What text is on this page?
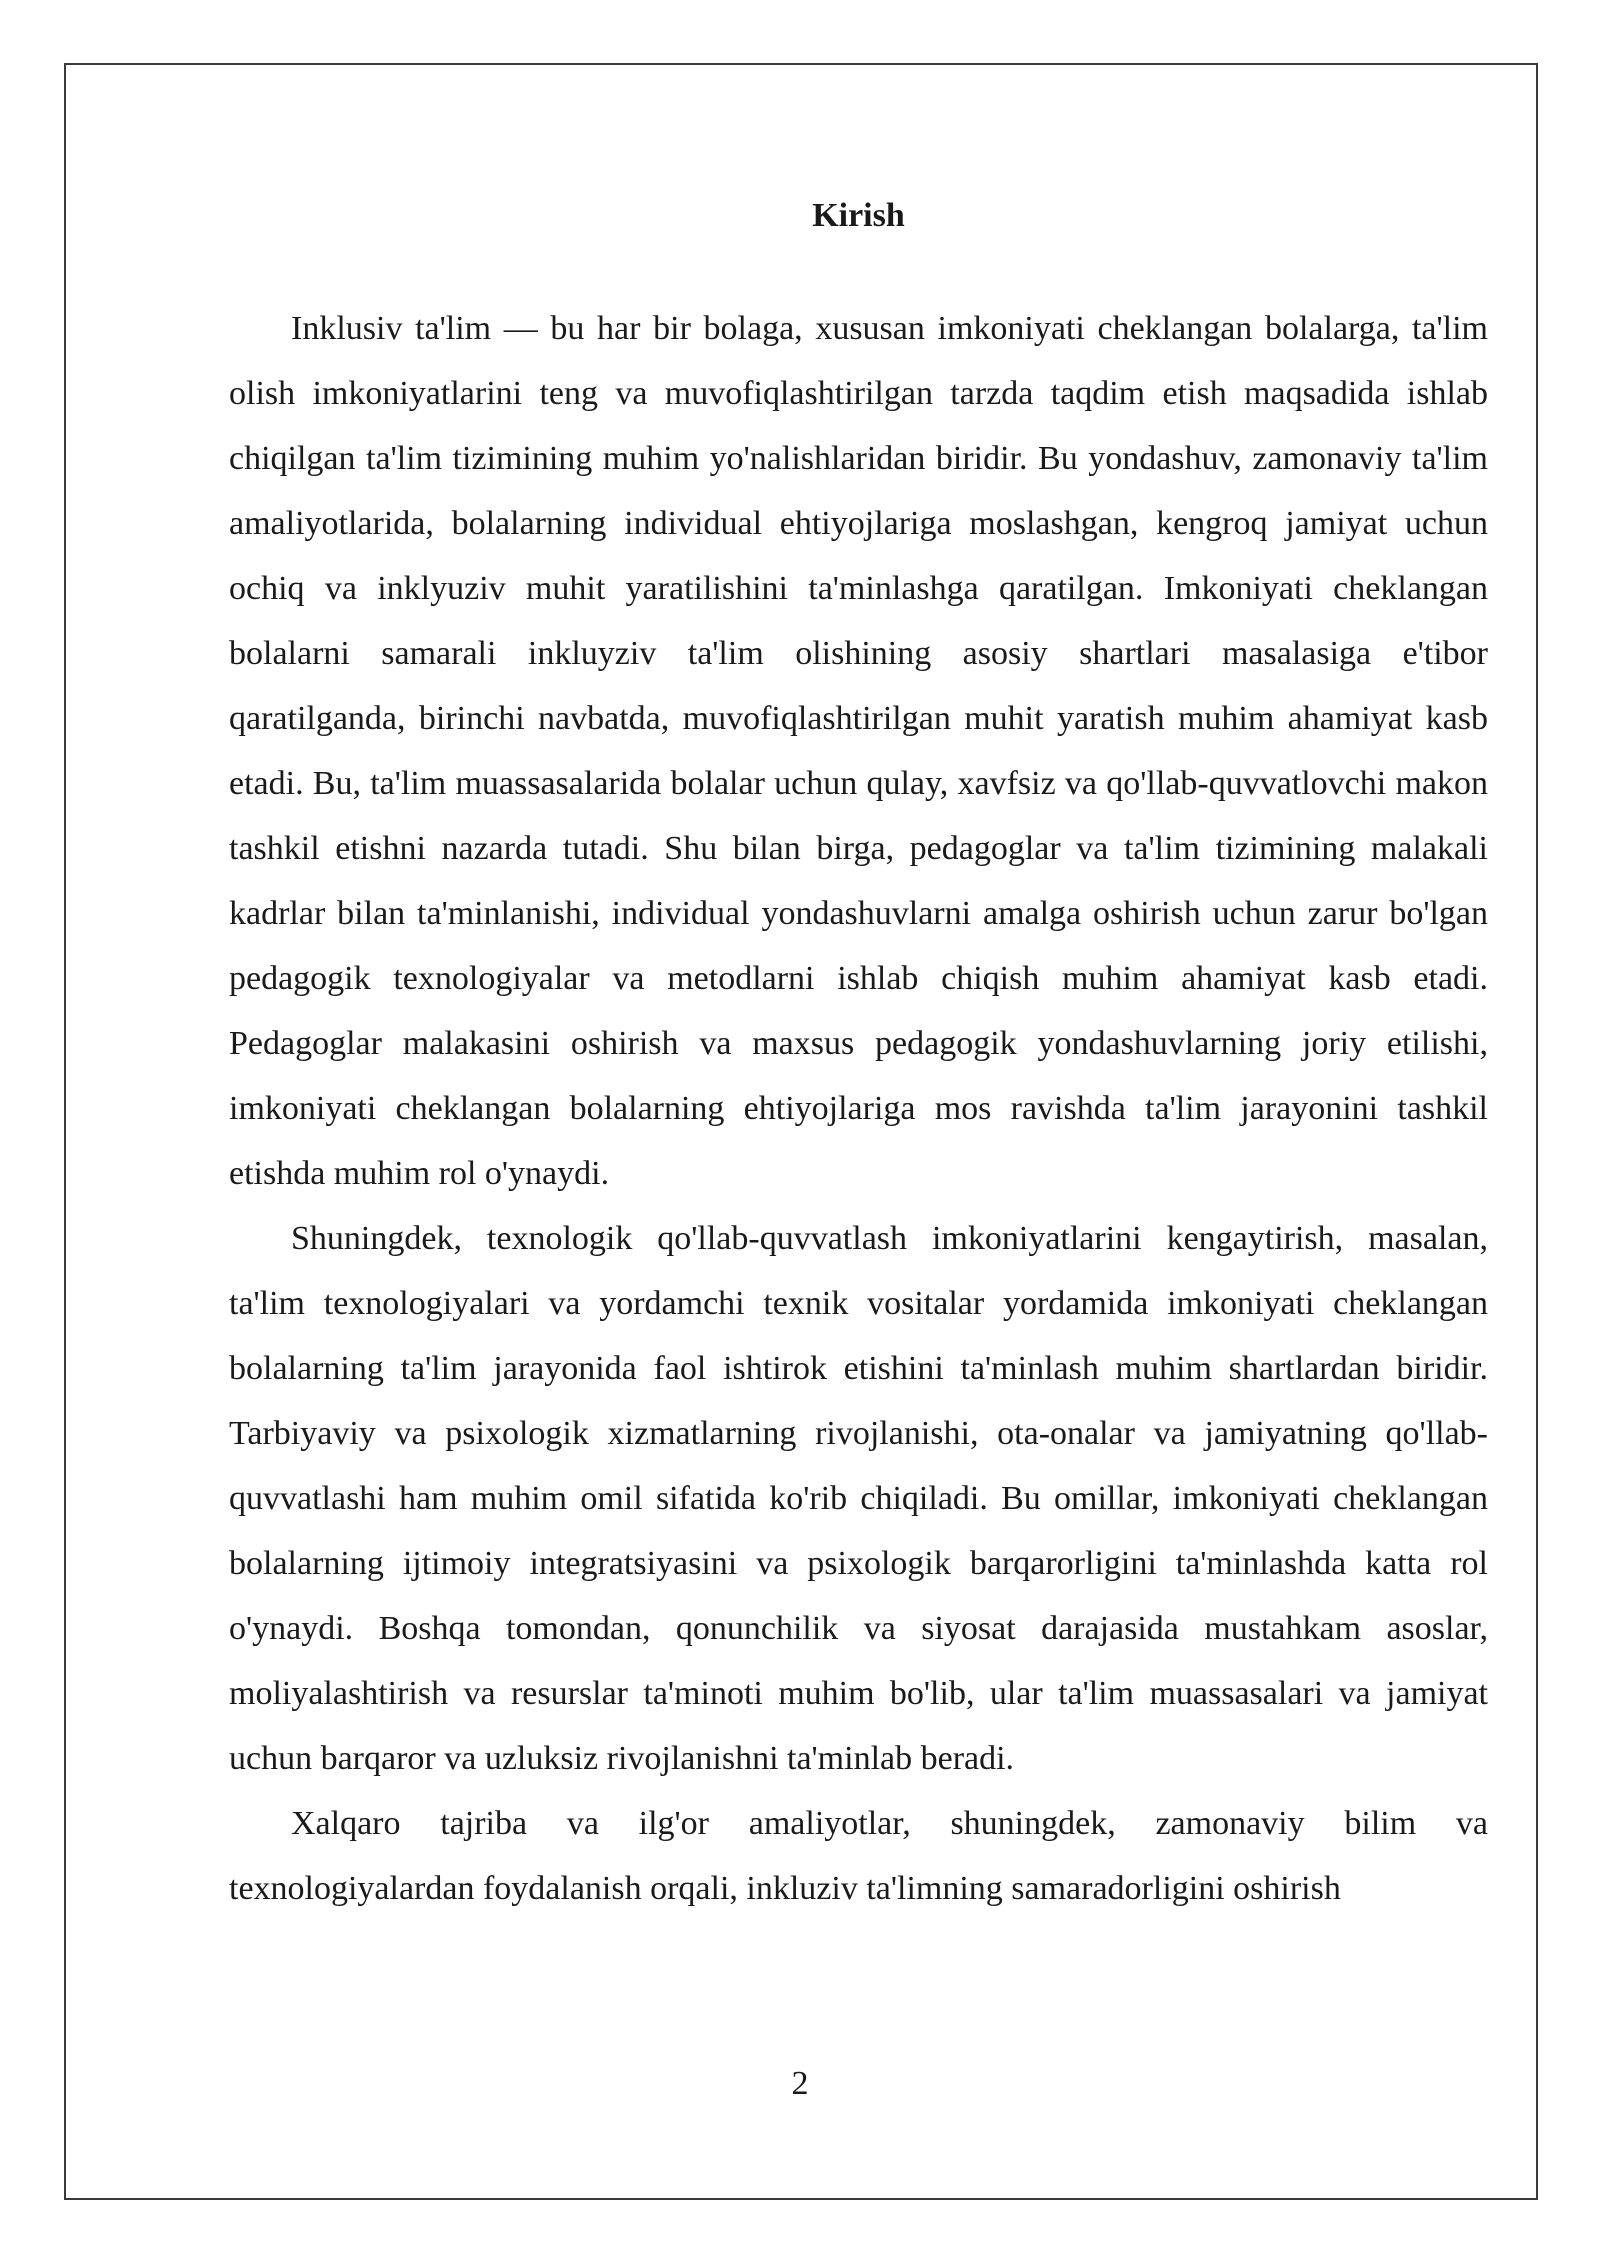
Kirish

Inklusiv ta'lim — bu har bir bolaga, xususan imkoniyati cheklangan bolalarga, ta'lim olish imkoniyatlarini teng va muvofiqlashtirilgan tarzda taqdim etish maqsadida ishlab chiqilgan ta'lim tizimining muhim yo'nalishlaridan biridir. Bu yondashuv, zamonaviy ta'lim amaliyotlarida, bolalarning individual ehtiyojlariga moslashgan, kengroq jamiyat uchun ochiq va inklyuziv muhit yaratilishini ta'minlashga qaratilgan. Imkoniyati cheklangan bolalarni samarali inkluyziv ta'lim olishining asosiy shartlari masalasiga e'tibor qaratilganda, birinchi navbatda, muvofiqlashtirilgan muhit yaratish muhim ahamiyat kasb etadi. Bu, ta'lim muassasalarida bolalar uchun qulay, xavfsiz va qo'llab-quvvatlovchi makon tashkil etishni nazarda tutadi. Shu bilan birga, pedagoglar va ta'lim tizimining malakali kadrlar bilan ta'minlanishi, individual yondashuvlarni amalga oshirish uchun zarur bo'lgan pedagogik texnologiyalar va metodlarni ishlab chiqish muhim ahamiyat kasb etadi. Pedagoglar malakasini oshirish va maxsus pedagogik yondashuvlarning joriy etilishi, imkoniyati cheklangan bolalarning ehtiyojlariga mos ravishda ta'lim jarayonini tashkil etishda muhim rol o'ynaydi.

Shuningdek, texnologik qo'llab-quvvatlash imkoniyatlarini kengaytirish, masalan, ta'lim texnologiyalari va yordamchi texnik vositalar yordamida imkoniyati cheklangan bolalarning ta'lim jarayonida faol ishtirok etishini ta'minlash muhim shartlardan biridir. Tarbiyaviy va psixologik xizmatlarning rivojlanishi, ota-onalar va jamiyatning qo'llab-quvvatlashi ham muhim omil sifatida ko'rib chiqiladi. Bu omillar, imkoniyati cheklangan bolalarning ijtimoiy integratsiyasini va psixologik barqarorligini ta'minlashda katta rol o'ynaydi. Boshqa tomondan, qonunchilik va siyosat darajasida mustahkam asoslar, moliyalashtirish va resurslar ta'minoti muhim bo'lib, ular ta'lim muassasalari va jamiyat uchun barqaror va uzluksiz rivojlanishni ta'minlab beradi.

Xalqaro tajriba va ilg'or amaliyotlar, shuningdek, zamonaviy bilim va texnologiyalardan foydalanish orqali, inkluziv ta'limning samaradorligini oshirish

2
